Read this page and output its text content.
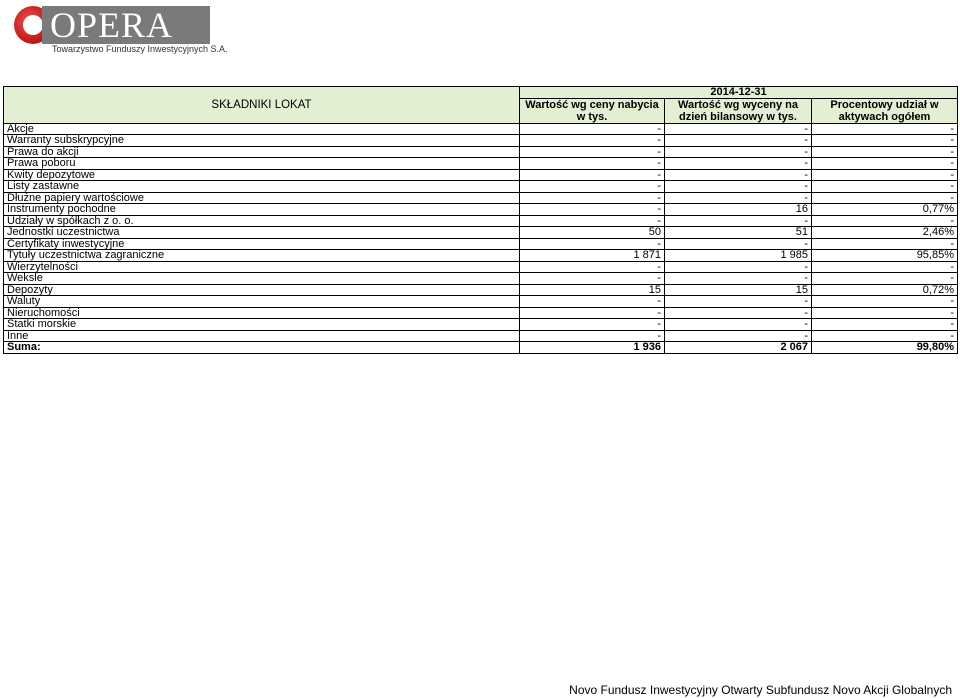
OPERA
Towarzystwo Funduszy Inwestycyjnych S.A.
SKŁADNIKI LOKAT	2014-12-31		
	Wartość wg ceny nabycia w tys.	Wartość wg wyceny na dzień bilansowy w tys.	Procentowy udział w aktywach ogółem
Akcje	-	-	-
Warranty subskrypcyjne	-	-	-
Prawa do akcji	-	-	-
Prawa poboru	-	-	-
Kwity depozytowe	-	-	-
Listy zastawne	-	-	-
Dłużne papiery wartościowe	-	-	-
Instrumenty pochodne	-	16	0,77%
Udziały w spółkach z o. o.	-	-	-
Jednostki uczestnictwa	50	51	2,46%
Certyfikaty inwestycyjne	-	-	-
Tytuły uczestnictwa zagraniczne	1 871	1 985	95,85%
Wierzytelności	-	-	-
Weksle	-	-	-
Depozyty	15	15	0,72%
Waluty	-	-	-
Nieruchomości	-	-	-
Statki morskie	-	-	-
Inne	-	-	-
Suma:	1 936	2 067	99,80%
Novo Fundusz Inwestycyjny Otwarty Subfundusz Novo Akcji Globalnych
